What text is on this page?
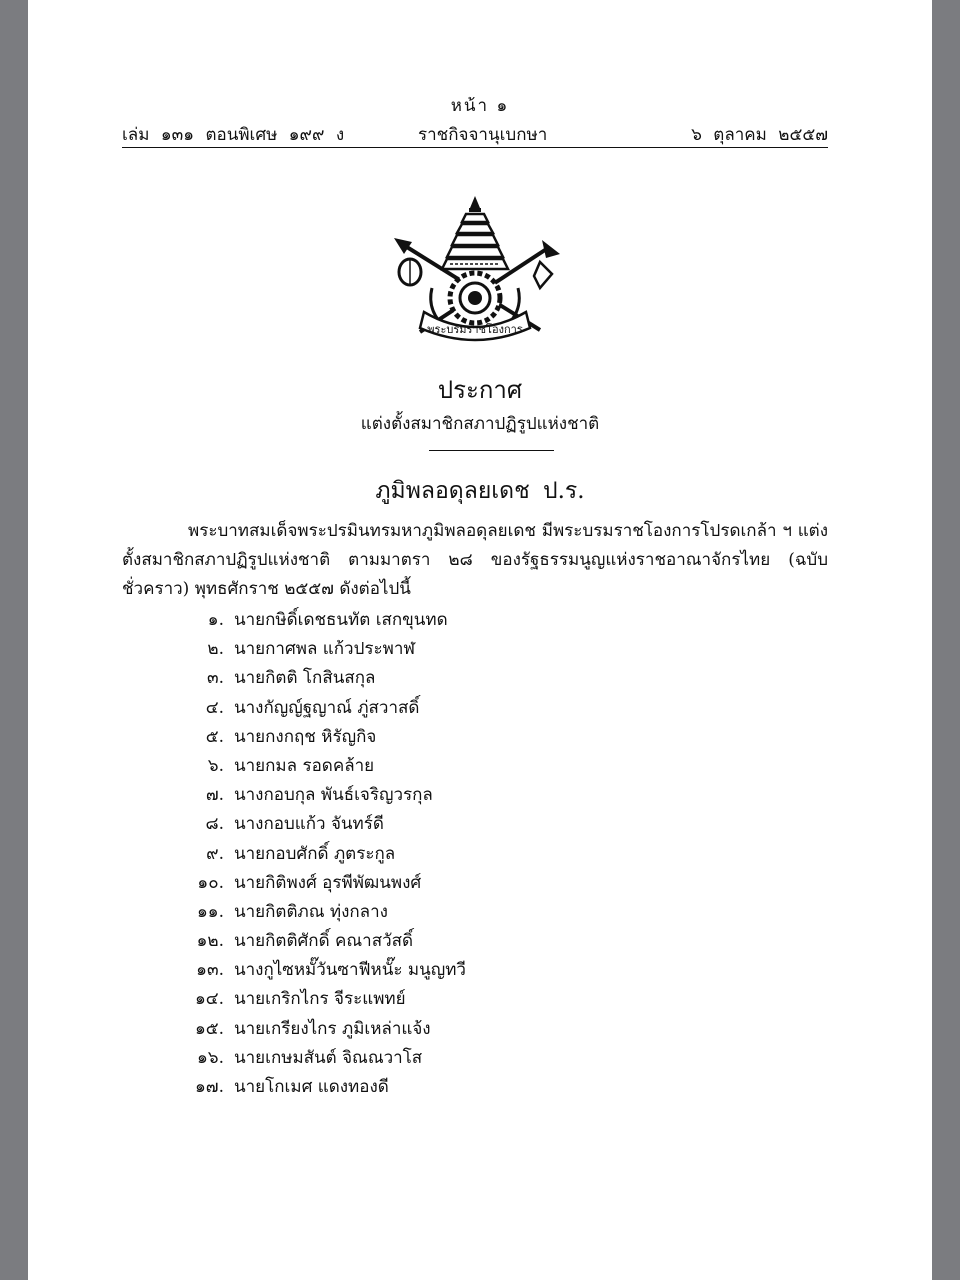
หน้า ๑
เล่ม ๑๓๑ ตอนพิเศษ ๑๙๙ ง	ราชกิจจานุเบกษา	๖ ตุลาคม ๒๕๕๗
พระบรมราชโองการ
ประกาศ
แต่งตั้งสมาชิกสภาปฏิรูปแห่งชาติ
ภูมิพลอดุลยเดช ป.ร.

พระบาทสมเด็จพระปรมินทรมหาภูมิพลอดุลยเดช มีพระบรมราชโองการโปรดเกล้า ฯ แต่งตั้งสมาชิกสภาปฏิรูปแห่งชาติ ตามมาตรา ๒๘ ของรัฐธรรมนูญแห่งราชอาณาจักรไทย (ฉบับชั่วคราว) พุทธศักราช ๒๕๕๗ ดังต่อไปนี้

๑. นายกษิดิ์เดชธนทัต เสกขุนทด
๒. นายกาศพล แก้วประพาฬ
๓. นายกิตติ โกสินสกุล
๔. นางกัญญ์ฐญาณ์ ภู่สวาสดิ์
๕. นายกงกฤช หิรัญกิจ
๖. นายกมล รอดคล้าย
๗. นางกอบกุล พันธ์เจริญวรกุล
๘. นางกอบแก้ว จันทร์ดี
๙. นายกอบศักดิ์ ภูตระกูล
๑๐. นายกิติพงศ์ อุรพีพัฒนพงศ์
๑๑. นายกิตติภณ ทุ่งกลาง
๑๒. นายกิตติศักดิ์ คณาสวัสดิ์
๑๓. นางกูไซหมั๊วันซาฟีหนั๊ะ มนูญทวี
๑๔. นายเกริกไกร จีระแพทย์
๑๕. นายเกรียงไกร ภูมิเหล่าแจ้ง
๑๖. นายเกษมสันต์ จิณณวาโส
๑๗. นายโกเมศ แดงทองดี
